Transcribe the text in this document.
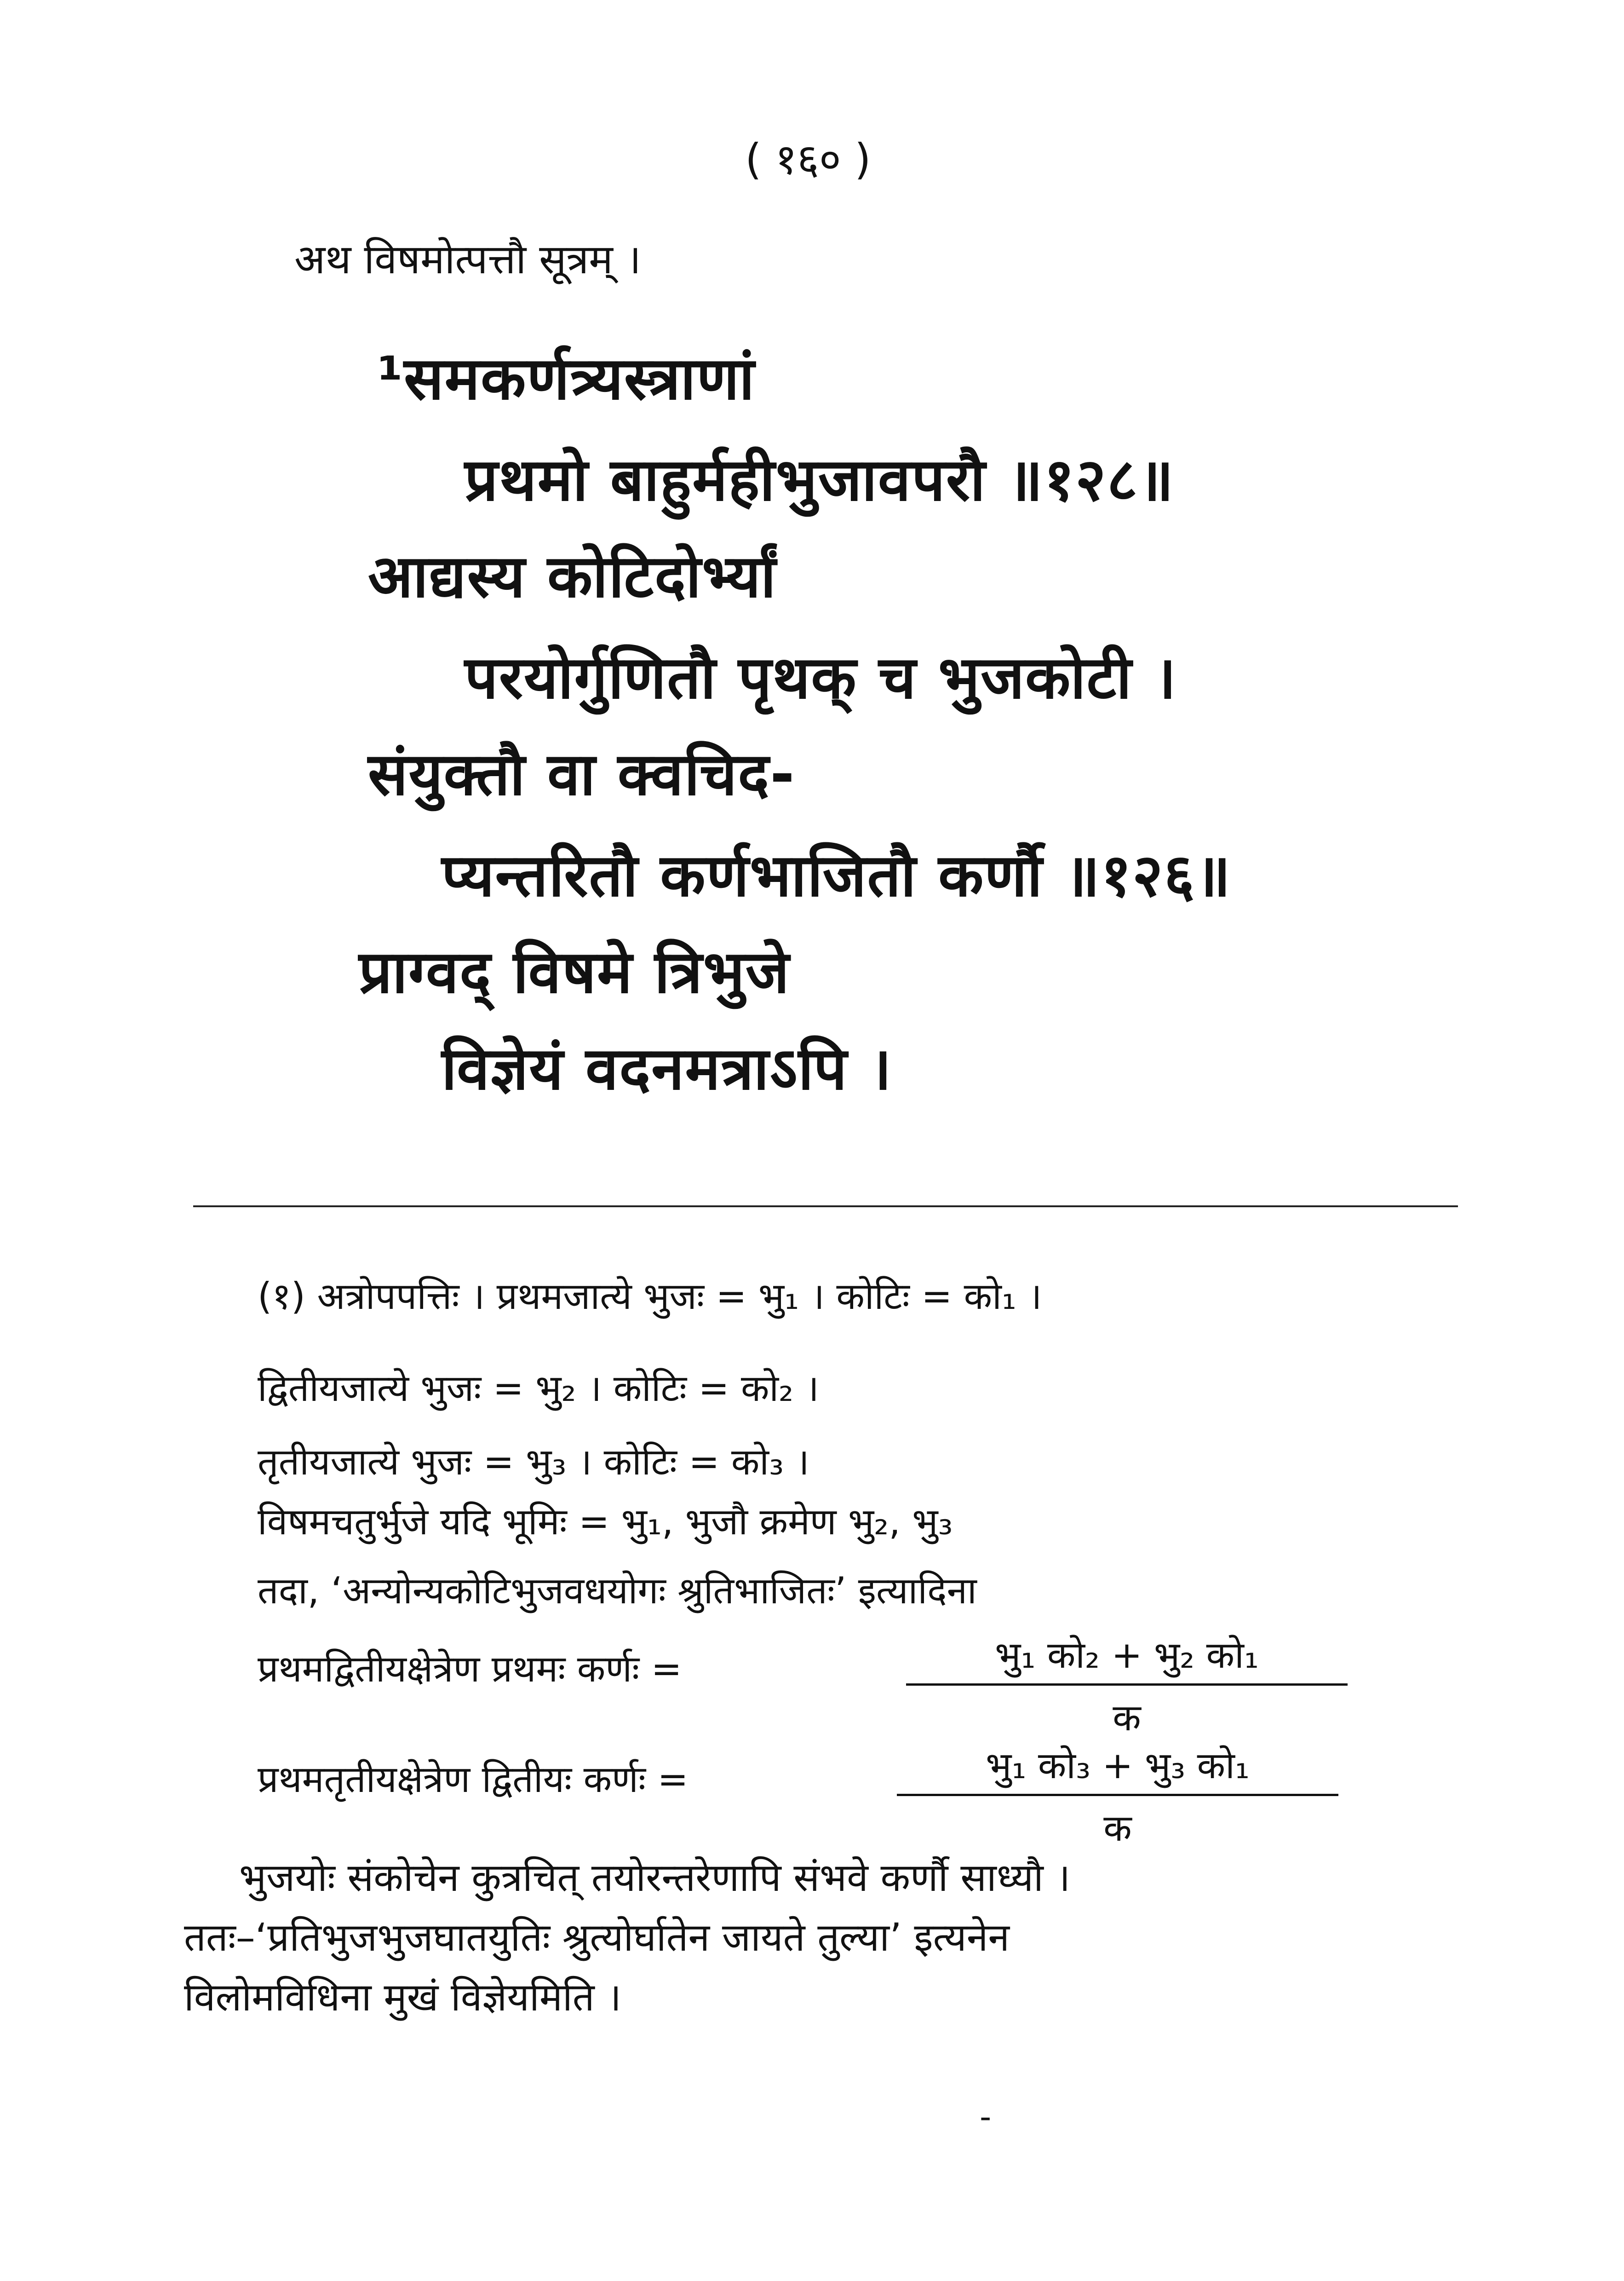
( १६० )
अथ विषमोत्पत्तौ सूत्रम् ।
¹समकर्णत्र्यस्त्राणां
प्रथमो बाहुर्महीभुजावपरौ ॥१२८॥
आद्यस्य कोटिदोर्भ्यां
परयोर्गुणितौ पृथक् च भुजकोटी ।
संयुक्तौ वा क्वचिद-
प्यन्तरितौ कर्णभाजितौ कर्णौ ॥१२६॥
प्राग्वद् विषमे त्रिभुजे
विज्ञेयं वदनमत्राऽपि ।
(१) अत्रोपपत्तिः । प्रथमजात्ये भुजः = भु₁ । कोटिः = को₁ ।
द्वितीयजात्ये भुजः = भु₂ । कोटिः = को₂ ।
तृतीयजात्ये भुजः = भु₃ । कोटिः = को₃ ।
विषमचतुर्भुजे यदि भूमिः = भु₁, भुजौ क्रमेण भु₂, भु₃
तदा, ‘अन्योन्यकोटिभुजवधयोगः श्रुतिभाजितः’ इत्यादिना
प्रथमद्वितीयक्षेत्रेण प्रथमः कर्णः =	भु₁ को₂ + भु₂ को₁
क
प्रथमतृतीयक्षेत्रेण द्वितीयः कर्णः =	भु₁ को₃ + भु₃ को₁
क
भुजयोः संकोचेन कुत्रचित् तयोरन्तरेणापि संभवे कर्णौ साध्यौ ।
ततः–‘प्रतिभुजभुजघातयुतिः श्रुत्योर्घातेन जायते तुल्या’ इत्यनेन
विलोमविधिना मुखं विज्ञेयमिति ।
-
